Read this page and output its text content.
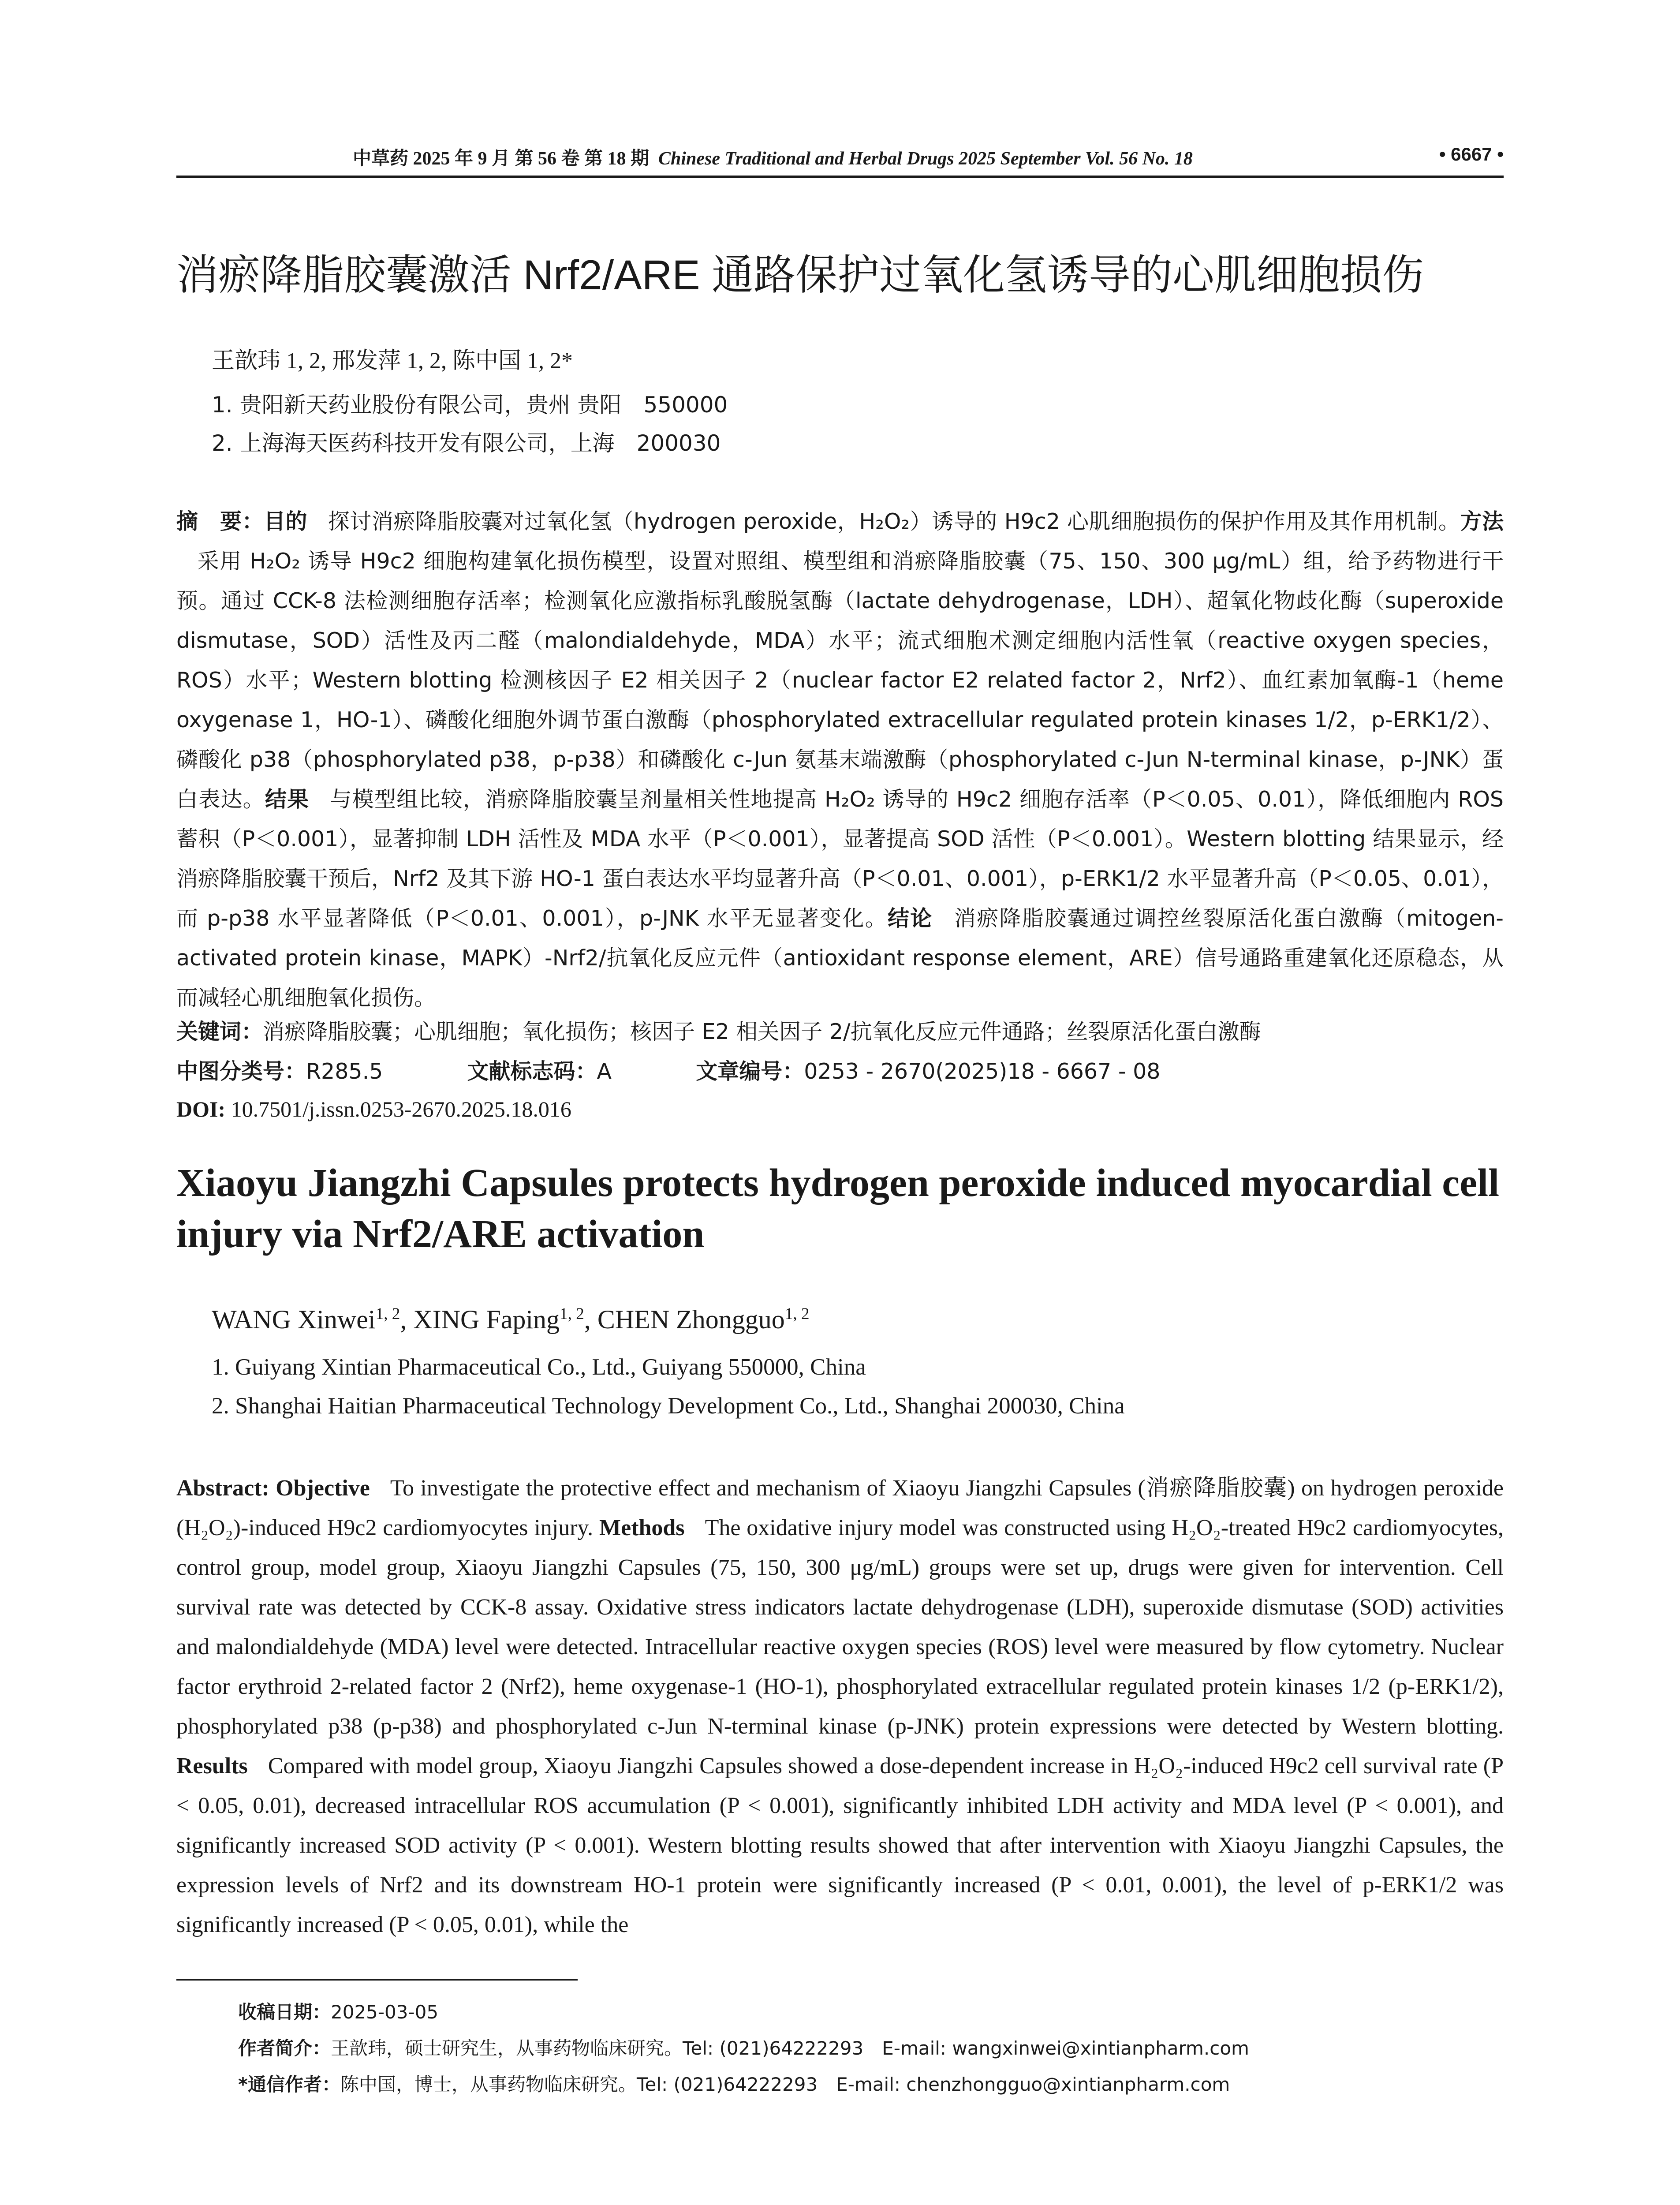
中草药 2025 年 9 月 第 56 卷 第 18 期 Chinese Traditional and Herbal Drugs 2025 September Vol. 56 No. 18	• 6667 •
消瘀降脂胶囊激活 Nrf2/ARE 通路保护过氧化氢诱导的心肌细胞损伤
王歆玮 1, 2, 邢发萍 1, 2, 陈中国 1, 2*
1. 贵阳新天药业股份有限公司，贵州 贵阳　550000
2. 上海海天医药科技开发有限公司，上海　200030
摘　要：目的 探讨消瘀降脂胶囊对过氧化氢（hydrogen peroxide，H₂O₂）诱导的 H9c2 心肌细胞损伤的保护作用及其作用机制。方法采用 H₂O₂ 诱导 H9c2 细胞构建氧化损伤模型，设置对照组、模型组和消瘀降脂胶囊（75、150、300 μg/mL）组，给予药物进行干预。通过 CCK-8 法检测细胞存活率；检测氧化应激指标乳酸脱氢酶（lactate dehydrogenase，LDH）、超氧化物歧化酶（superoxide dismutase，SOD）活性及丙二醛（malondialdehyde，MDA）水平；流式细胞术测定细胞内活性氧（reactive oxygen species，ROS）水平；Western blotting 检测核因子 E2 相关因子 2（nuclear factor E2 related factor 2，Nrf2）、血红素加氧酶-1（heme oxygenase 1，HO-1）、磷酸化细胞外调节蛋白激酶（phosphorylated extracellular regulated protein kinases 1/2，p-ERK1/2）、磷酸化 p38（phosphorylated p38，p-p38）和磷酸化 c-Jun 氨基末端激酶（phosphorylated c-Jun N-terminal kinase，p-JNK）蛋白表达。结果 与模型组比较，消瘀降脂胶囊呈剂量相关性地提高 H₂O₂ 诱导的 H9c2 细胞存活率（P＜0.05、0.01），降低细胞内 ROS 蓄积（P＜0.001），显著抑制 LDH 活性及 MDA 水平（P＜0.001），显著提高 SOD 活性（P＜0.001）。Western blotting 结果显示，经消瘀降脂胶囊干预后，Nrf2 及其下游 HO-1 蛋白表达水平均显著升高（P＜0.01、0.001），p-ERK1/2 水平显著升高（P＜0.05、0.01），而 p-p38 水平显著降低（P＜0.01、0.001），p-JNK 水平无显著变化。结论 消瘀降脂胶囊通过调控丝裂原活化蛋白激酶（mitogen-activated protein kinase，MAPK）-Nrf2/抗氧化反应元件（antioxidant response element，ARE）信号通路重建氧化还原稳态，从而减轻心肌细胞氧化损伤。
关键词：消瘀降脂胶囊；心肌细胞；氧化损伤；核因子 E2 相关因子 2/抗氧化反应元件通路；丝裂原活化蛋白激酶
中图分类号：R285.5	文献标志码：A	文章编号：0253 - 2670(2025)18 - 6667 - 08
DOI: 10.7501/j.issn.0253-2670.2025.18.016
Xiaoyu Jiangzhi Capsules protects hydrogen peroxide induced myocardial cell injury via Nrf2/ARE activation
WANG Xinwei$^{1, 2}$, XING Faping$^{1, 2}$, CHEN Zhongguo$^{1, 2}$
1. Guiyang Xintian Pharmaceutical Co., Ltd., Guiyang 550000, China
2. Shanghai Haitian Pharmaceutical Technology Development Co., Ltd., Shanghai 200030, China
Abstract: Objective To investigate the protective effect and mechanism of Xiaoyu Jiangzhi Capsules (消瘀降脂胶囊) on hydrogen peroxide (H₂O₂)-induced H9c2 cardiomyocytes injury. Methods The oxidative injury model was constructed using H₂O₂-treated H9c2 cardiomyocytes, control group, model group, Xiaoyu Jiangzhi Capsules (75, 150, 300 μg/mL) groups were set up, drugs were given for intervention. Cell survival rate was detected by CCK-8 assay. Oxidative stress indicators lactate dehydrogenase (LDH), superoxide dismutase (SOD) activities and malondialdehyde (MDA) level were detected. Intracellular reactive oxygen species (ROS) level were measured by flow cytometry. Nuclear factor erythroid 2-related factor 2 (Nrf2), heme oxygenase-1 (HO-1), phosphorylated extracellular regulated protein kinases 1/2 (p-ERK1/2), phosphorylated p38 (p-p38) and phosphorylated c-Jun N-terminal kinase (p-JNK) protein expressions were detected by Western blotting. Results Compared with model group, Xiaoyu Jiangzhi Capsules showed a dose-dependent increase in H₂O₂-induced H9c2 cell survival rate (P < 0.05, 0.01), decreased intracellular ROS accumulation (P < 0.001), significantly inhibited LDH activity and MDA level (P < 0.001), and significantly increased SOD activity (P < 0.001). Western blotting results showed that after intervention with Xiaoyu Jiangzhi Capsules, the expression levels of Nrf2 and its downstream HO-1 protein were significantly increased (P < 0.01, 0.001), the level of p-ERK1/2 was significantly increased (P < 0.05, 0.01), while the
收稿日期：2025-03-05
作者简介：王歆玮，硕士研究生，从事药物临床研究。Tel: (021)64222293　E-mail: wangxinwei@xintianpharm.com
*通信作者：陈中国，博士，从事药物临床研究。Tel: (021)64222293　E-mail: chenzhongguo@xintianpharm.com
